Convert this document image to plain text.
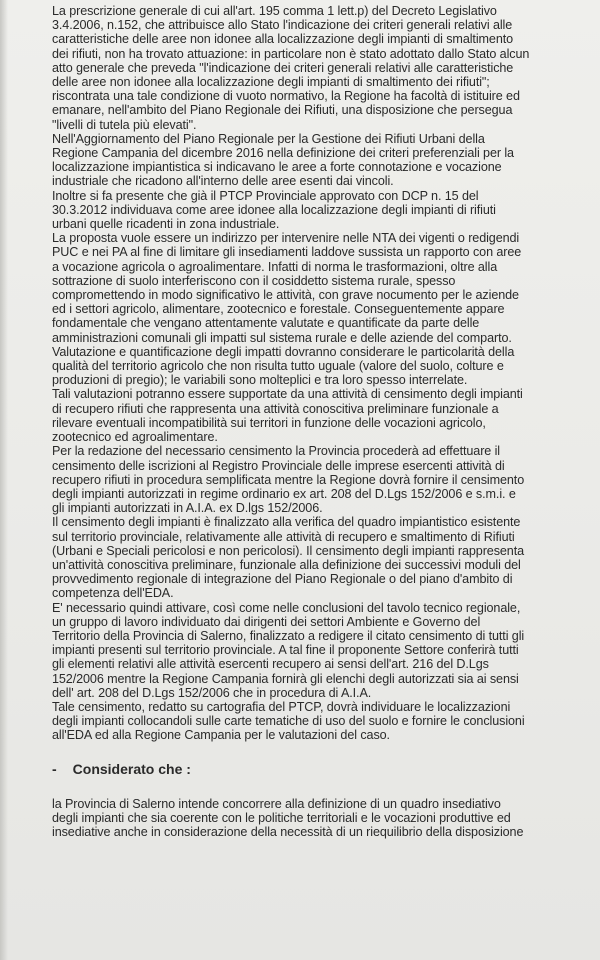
La prescrizione generale di cui all'art. 195 comma 1 lett.p) del Decreto Legislativo
3.4.2006, n.152, che attribuisce allo Stato l'indicazione dei criteri generali relativi alle
caratteristiche delle aree non idonee alla localizzazione degli impianti di smaltimento
dei rifiuti, non ha trovato attuazione: in particolare non è stato adottato dallo Stato alcun
atto generale che preveda "l'indicazione dei criteri generali relativi alle caratteristiche
delle aree non idonee alla localizzazione degli impianti di smaltimento dei rifiuti";
riscontrata una tale condizione di vuoto normativo, la Regione ha facoltà di istituire ed
emanare, nell'ambito del Piano Regionale dei Rifiuti, una disposizione che persegua
"livelli di tutela più elevati".

Nell'Aggiornamento del Piano Regionale per la Gestione dei Rifiuti Urbani della
Regione Campania del dicembre 2016 nella definizione dei criteri preferenziali per la
localizzazione impiantistica si indicavano le aree a forte connotazione e vocazione
industriale che ricadono all'interno delle aree esenti dai vincoli.

Inoltre si fa presente che già il PTCP Provinciale approvato con DCP n. 15 del
30.3.2012 individuava come aree idonee alla localizzazione degli impianti di rifiuti
urbani quelle ricadenti in zona industriale.

La proposta vuole essere un indirizzo per intervenire nelle NTA dei vigenti o redigendi
PUC e nei PA al fine di limitare gli insediamenti laddove sussista un rapporto con aree
a vocazione agricola o agroalimentare. Infatti di norma le trasformazioni, oltre alla
sottrazione di suolo interferiscono con il cosiddetto sistema rurale, spesso
compromettendo in modo significativo le attività, con grave nocumento per le aziende
ed i settori agricolo, alimentare, zootecnico e forestale. Conseguentemente appare
fondamentale che vengano attentamente valutate e quantificate da parte delle
amministrazioni comunali gli impatti sul sistema rurale e delle aziende del comparto.
Valutazione e quantificazione degli impatti dovranno considerare le particolarità della
qualità del territorio agricolo che non risulta tutto uguale (valore del suolo, colture e
produzioni di pregio); le variabili sono molteplici e tra loro spesso interrelate.

Tali valutazioni potranno essere supportate da una attività di censimento degli impianti
di recupero rifiuti che rappresenta una attività conoscitiva preliminare funzionale a
rilevare eventuali incompatibilità sui territori in funzione delle vocazioni agricolo,
zootecnico ed agroalimentare.

Per la redazione del necessario censimento la Provincia procederà ad effettuare il
censimento delle iscrizioni al Registro Provinciale delle imprese esercenti attività di
recupero rifiuti in procedura semplificata mentre la Regione dovrà fornire il censimento
degli impianti autorizzati in regime ordinario ex art. 208 del D.Lgs 152/2006 e s.m.i. e
gli impianti autorizzati in A.I.A. ex D.lgs 152/2006.

Il censimento degli impianti è finalizzato alla verifica del quadro impiantistico esistente
sul territorio provinciale, relativamente alle attività di recupero e smaltimento di Rifiuti
(Urbani e Speciali pericolosi e non pericolosi). Il censimento degli impianti rappresenta
un'attività conoscitiva preliminare, funzionale alla definizione dei successivi moduli del
provvedimento regionale di integrazione del Piano Regionale o del piano d'ambito di
competenza dell'EDA.

E' necessario quindi attivare, così come nelle conclusioni del tavolo tecnico regionale,
un gruppo di lavoro individuato dai dirigenti dei settori Ambiente e Governo del
Territorio della Provincia di Salerno, finalizzato a redigere il citato censimento di tutti gli
impianti presenti sul territorio provinciale. A tal fine il proponente Settore conferirà tutti
gli elementi relativi alle attività esercenti recupero ai sensi dell'art. 216 del D.Lgs
152/2006 mentre la Regione Campania fornirà gli elenchi degli autorizzati sia ai sensi
dell' art. 208 del D.Lgs 152/2006 che in procedura di A.I.A.

Tale censimento, redatto su cartografia del PTCP, dovrà individuare le localizzazioni
degli impianti collocandoli sulle carte tematiche di uso del suolo e fornire le conclusioni
all'EDA ed alla Regione Campania per le valutazioni del caso.

- Considerato che :

la Provincia di Salerno intende concorrere alla definizione di un quadro insediativo
degli impianti che sia coerente con le politiche territoriali e le vocazioni produttive ed
insediative anche in considerazione della necessità di un riequilibrio della disposizione
